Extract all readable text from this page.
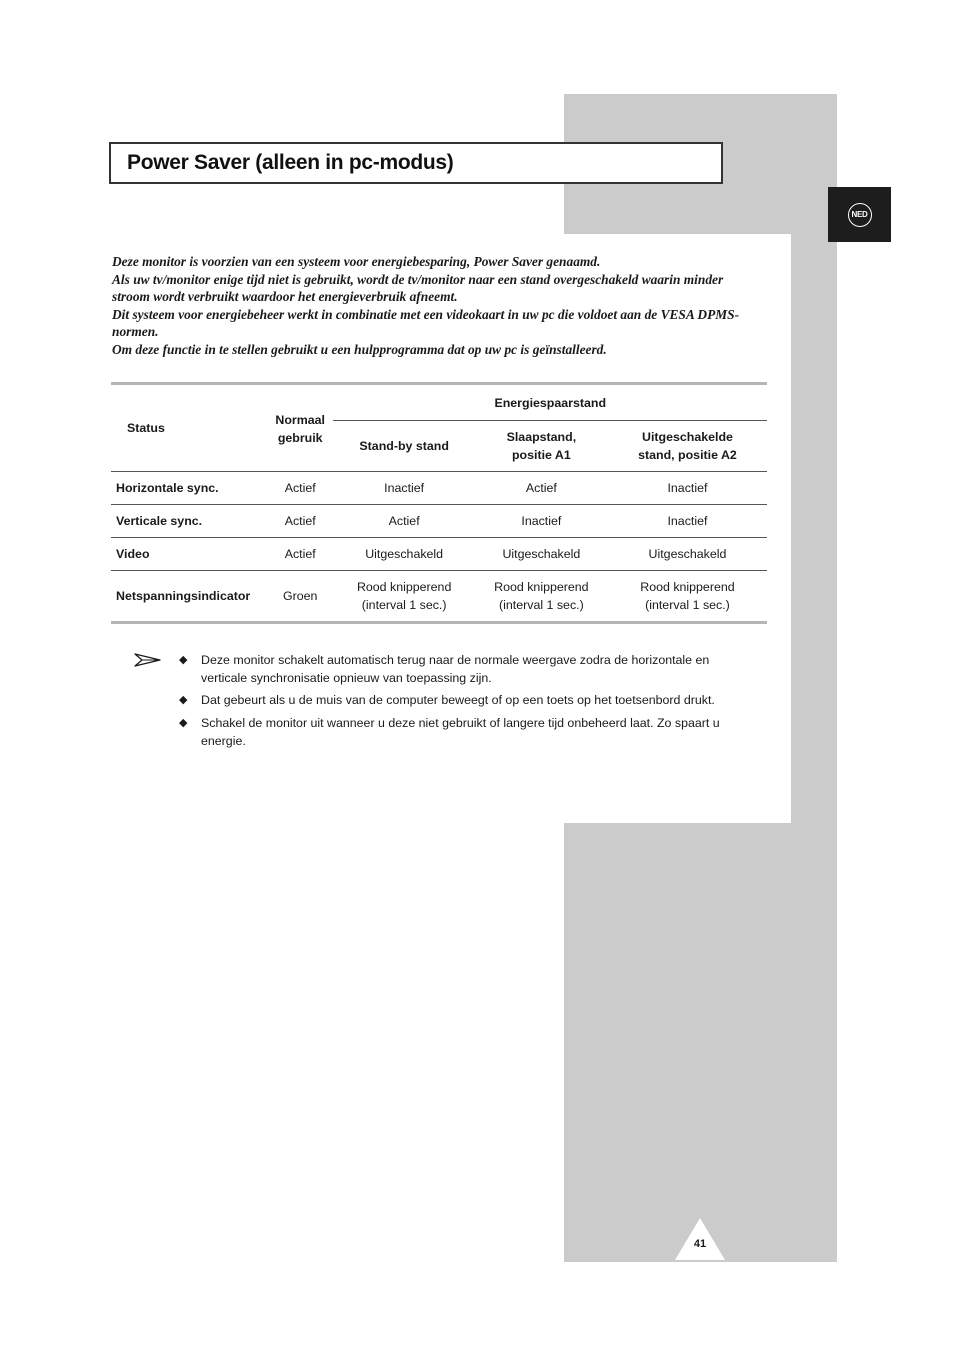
Power Saver (alleen in pc-modus)
NED

Deze monitor is voorzien van een systeem voor energiebesparing, Power Saver genaamd.

Als uw tv/monitor enige tijd niet is gebruikt, wordt de tv/monitor naar een stand overgeschakeld waarin minder stroom wordt verbruikt waardoor het energieverbruik afneemt.

Dit systeem voor energiebeheer werkt in combinatie met een videokaart in uw pc die voldoet aan de VESA DPMS-normen.

Om deze functie in te stellen gebruikt u een hulpprogramma dat op uw pc is geïnstalleerd.

Status	Normaal gebruik	Energiespaarstand		
		Stand-by stand	Slaapstand, positie A1	Uitgeschakelde stand, positie A2
Horizontale sync.	Actief	Inactief	Actief	Inactief
Verticale sync.	Actief	Actief	Inactief	Inactief
Video	Actief	Uitgeschakeld	Uitgeschakeld	Uitgeschakeld
Netspanningsindicator	Groen	Rood knipperend (interval 1 sec.)	Rood knipperend (interval 1 sec.)	Rood knipperend (interval 1 sec.)
◆ Deze monitor schakelt automatisch terug naar de normale weergave zodra de horizontale en verticale synchronisatie opnieuw van toepassing zijn.
◆ Dat gebeurt als u de muis van de computer beweegt of op een toets op het toetsenbord drukt.
◆ Schakel de monitor uit wanneer u deze niet gebruikt of langere tijd onbeheerd laat. Zo spaart u energie.
41
